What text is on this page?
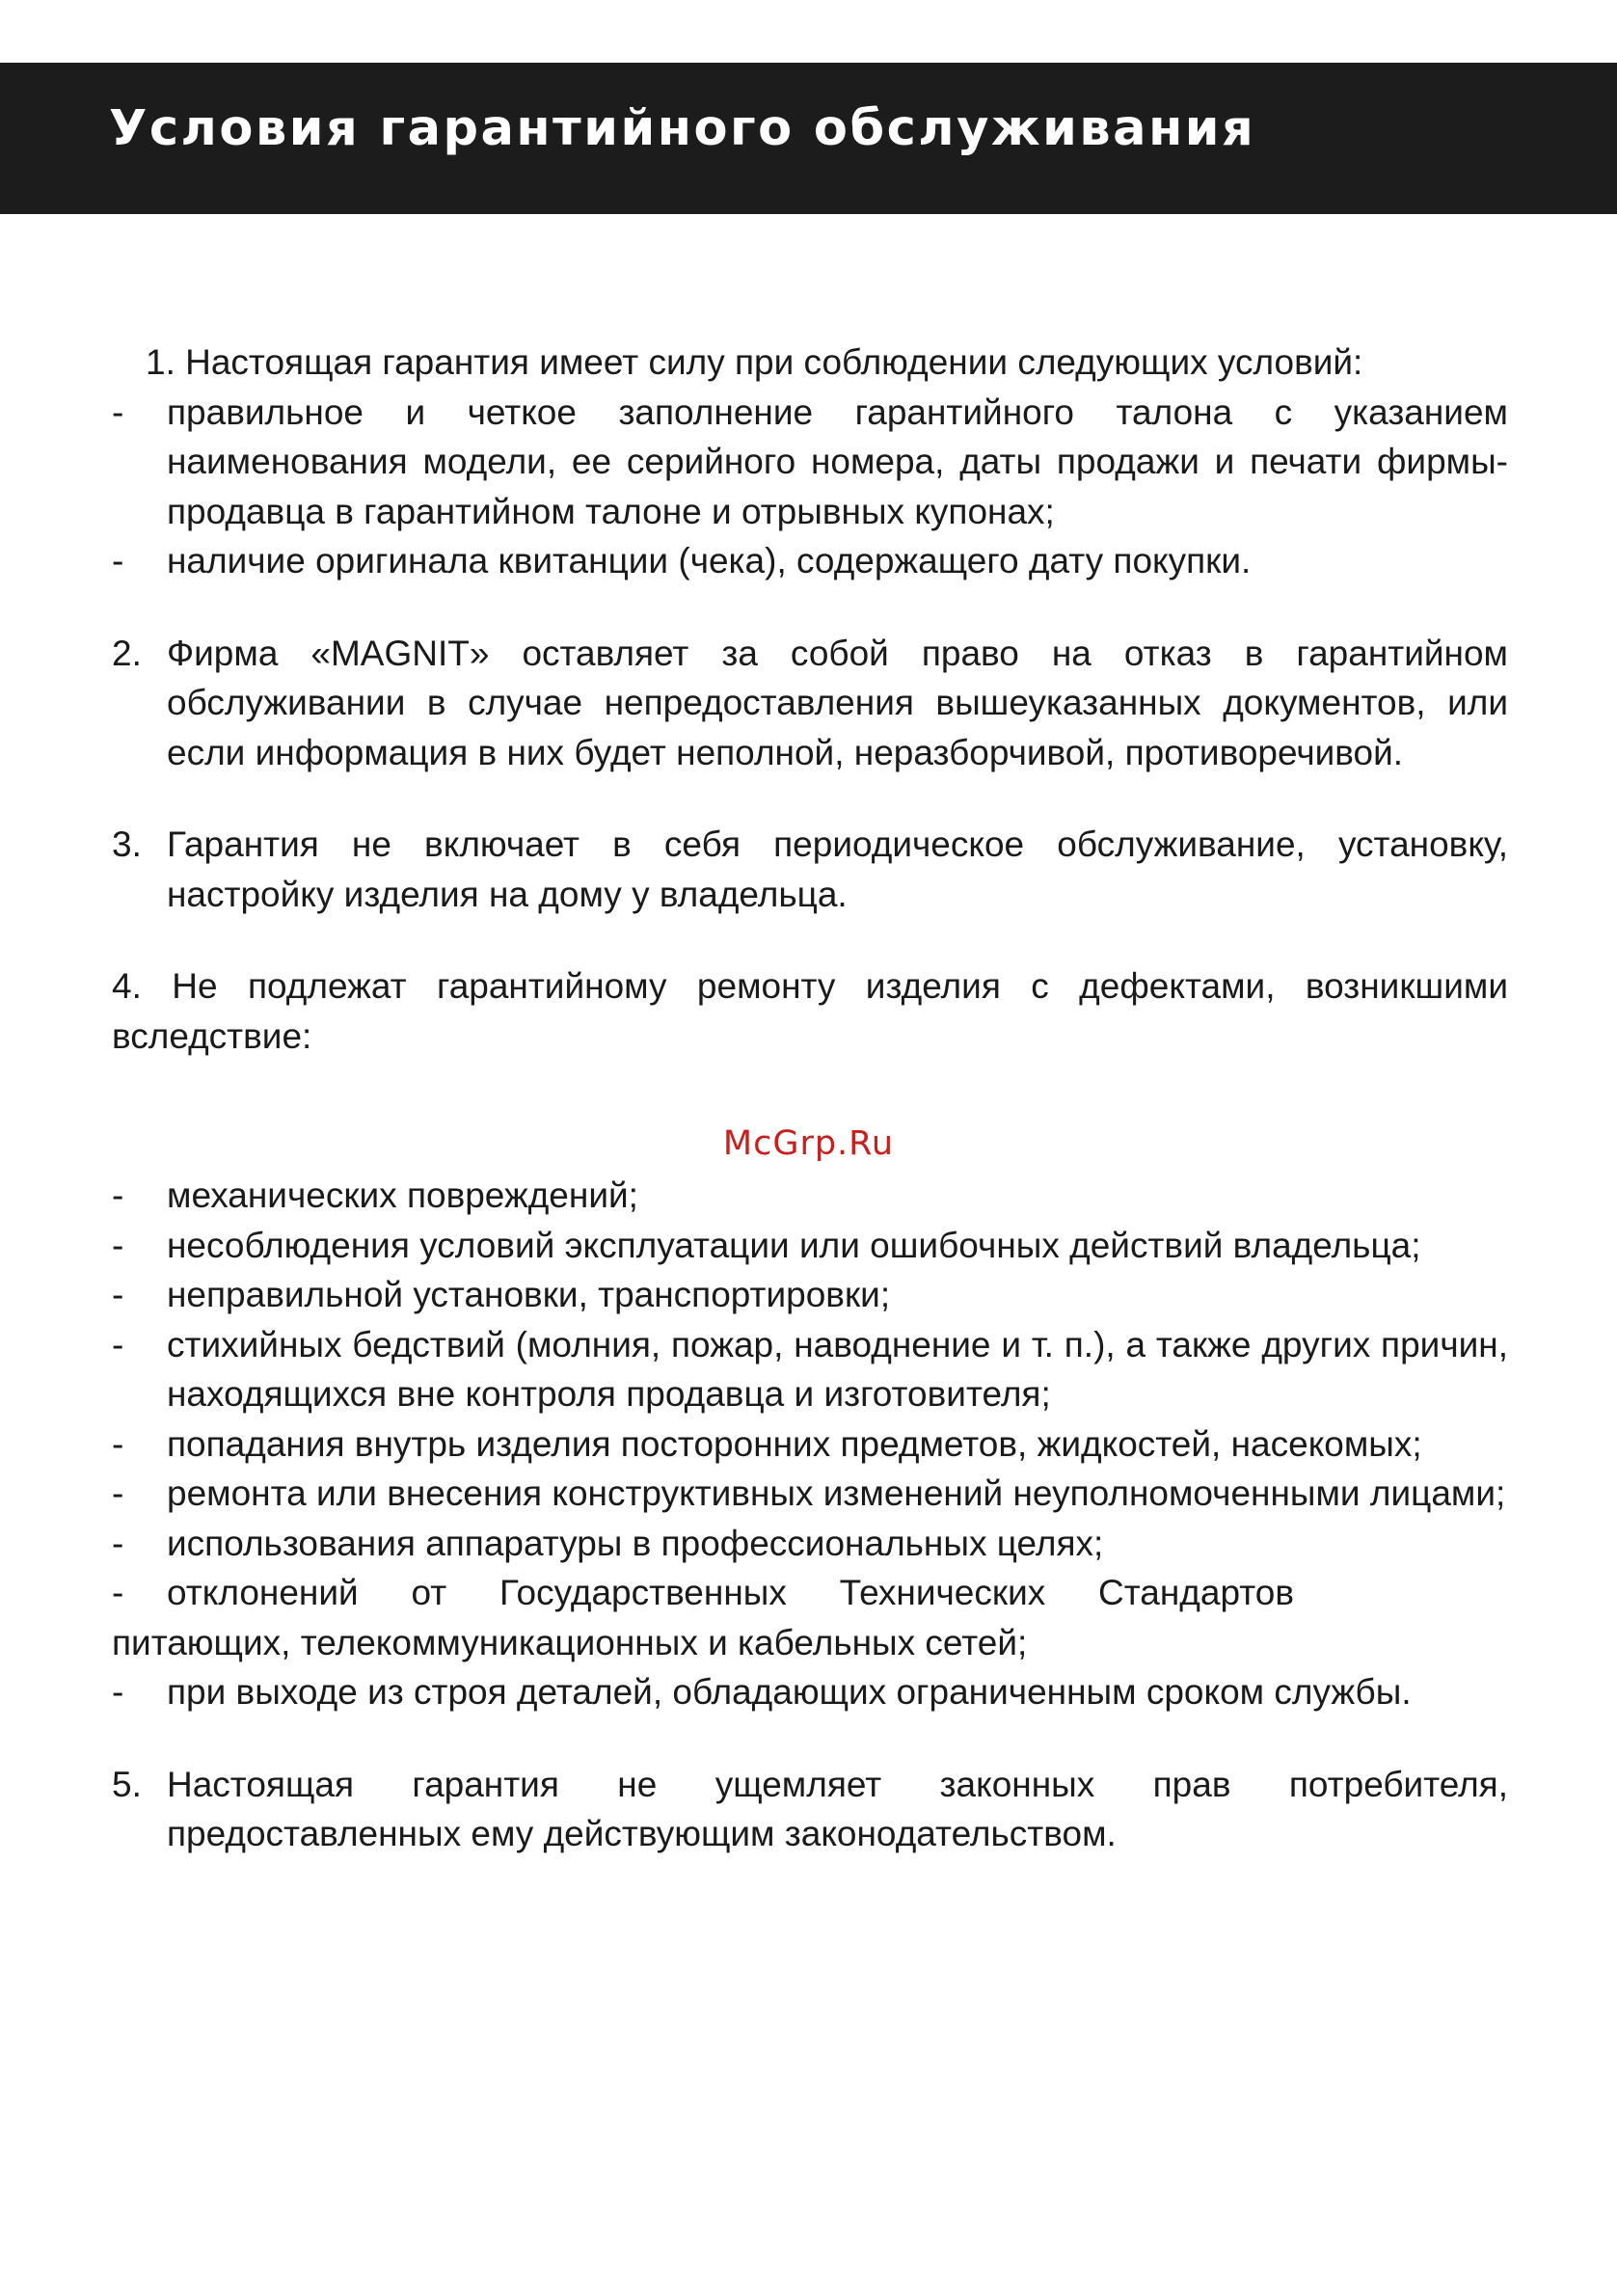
Условия гарантийного обслуживания

McGrp.Ru

1. Настоящая гарантия имеет силу при соблюдении следующих условий:

- правильное и четкое заполнение гарантийного талона с указанием наименования модели, ее серийного номера, даты продажи и печати фирмы-продавца в гарантийном талоне и отрывных купонах;

- наличие оригинала квитанции (чека), содержащего дату покупки.

2. Фирма «MAGNIT» оставляет за собой право на отказ в гарантийном обслуживании в случае непредоставления вышеуказанных документов, или если информация в них будет неполной, неразборчивой, противоречивой.

3. Гарантия не включает в себя периодическое обслуживание, установку, настройку изделия на дому у владельца.

4. Не подлежат гарантийному ремонту изделия с дефектами, возникшими вследствие:

- механических повреждений;

- несоблюдения условий эксплуатации или ошибочных действий владельца;

- неправильной установки, транспортировки;

- стихийных бедствий (молния, пожар, наводнение и т. п.), а также других причин, находящихся вне контроля продавца и изготовителя;

- попадания внутрь изделия посторонних предметов, жидкостей, насекомых;

- ремонта или внесения конструктивных изменений неуполномоченными лицами;

- использования аппаратуры в профессиональных целях;

- отклонений от Государственных Технических Стандартов

питающих, телекоммуникационных и кабельных сетей;

- при выходе из строя деталей, обладающих ограниченным сроком службы.

5. Настоящая гарантия не ущемляет законных прав потребителя, предоставленных ему действующим законодательством.
